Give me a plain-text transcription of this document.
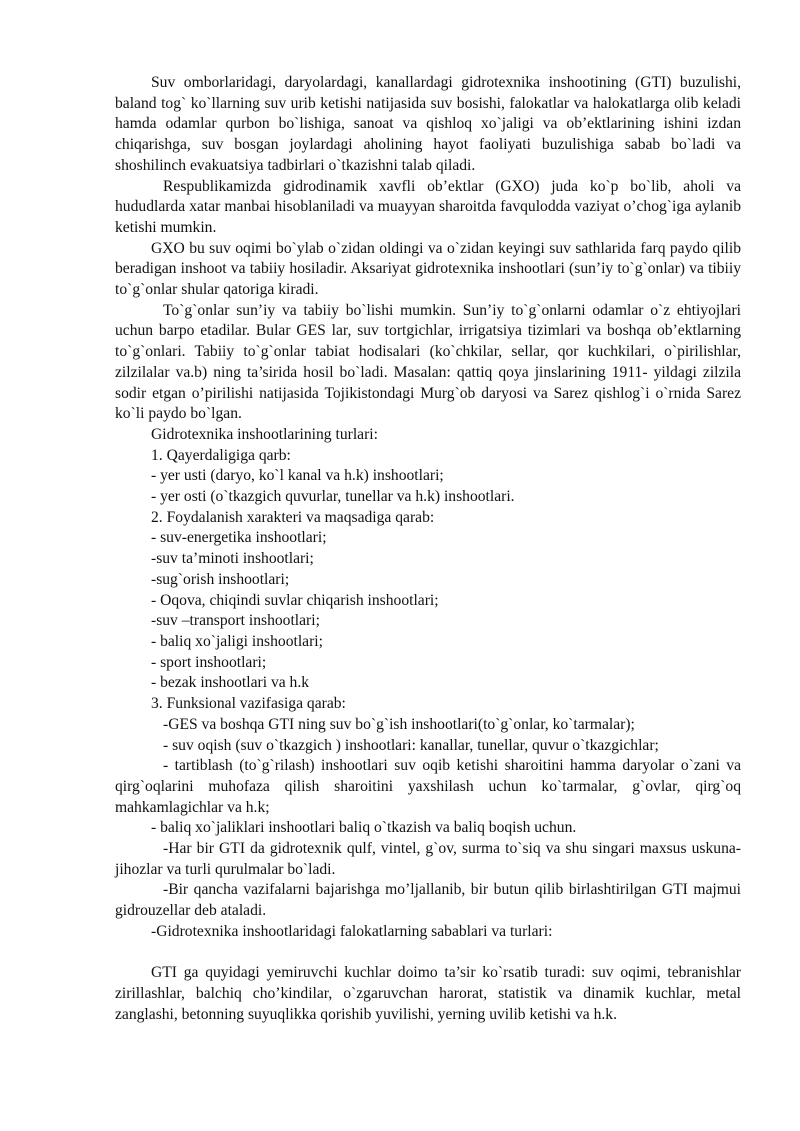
Suv omborlaridagi, daryolardagi, kanallardagi gidrotexnika inshootining (GTI) buzulishi, baland tog` ko`llarning suv urib ketishi natijasida suv bosishi, falokatlar va halokatlarga olib keladi hamda odamlar qurbon bo`lishiga, sanoat va qishloq xo`jaligi va ob’ektlarining ishini izdan chiqarishga, suv bosgan joylardagi aholining hayot faoliyati buzulishiga sabab bo`ladi va shoshilinch evakuatsiya tadbirlari o`tkazishni talab qiladi.

Respublikamizda gidrodinamik xavfli ob’ektlar (GXO) juda ko`p bo`lib, aholi va hududlarda xatar manbai hisoblaniladi va muayyan sharoitda favqulodda vaziyat o’chog`iga aylanib ketishi mumkin.

GXO bu suv oqimi bo`ylab o`zidan oldingi va o`zidan keyingi suv sathlarida farq paydo qilib beradigan inshoot va tabiiy hosiladir. Aksariyat gidrotexnika inshootlari (sun’iy to`g`onlar) va tibiiy to`g`onlar shular qatoriga kiradi.

To`g`onlar sun’iy va tabiiy bo`lishi mumkin. Sun’iy to`g`onlarni odamlar o`z ehtiyojlari uchun barpo etadilar. Bular GES lar, suv tortgichlar, irrigatsiya tizimlari va boshqa ob’ektlarning to`g`onlari. Tabiiy to`g`onlar tabiat hodisalari (ko`chkilar, sellar, qor kuchkilari, o`pirilishlar, zilzilalar va.b) ning ta’sirida hosil bo`ladi. Masalan: qattiq qoya jinslarining 1911- yildagi zilzila sodir etgan o’pirilishi natijasida Tojikistondagi Murg`ob daryosi va Sarez qishlog`i o`rnida Sarez ko`li paydo bo`lgan.

Gidrotexnika inshootlarining turlari:

1. Qayerdaligiga qarb:

- yer usti (daryo, ko`l kanal va h.k) inshootlari;

- yer osti (o`tkazgich quvurlar, tunellar va h.k) inshootlari.

2. Foydalanish xarakteri va maqsadiga qarab:

- suv-energetika inshootlari;

-suv ta’minoti inshootlari;

-sug`orish inshootlari;

- Oqova, chiqindi suvlar chiqarish inshootlari;

-suv –transport inshootlari;

- baliq xo`jaligi inshootlari;

- sport inshootlari;

- bezak inshootlari va h.k

3. Funksional vazifasiga qarab:

-GES va boshqa GTI ning suv bo`g`ish inshootlari(to`g`onlar, ko`tarmalar);

- suv oqish (suv o`tkazgich ) inshootlari: kanallar, tunellar, quvur o`tkazgichlar;

- tartiblash (to`g`rilash) inshootlari suv oqib ketishi sharoitini hamma daryolar o`zani va qirg`oqlarini muhofaza qilish sharoitini yaxshilash uchun ko`tarmalar, g`ovlar, qirg`oq mahkamlagichlar va h.k;

- baliq xo`jaliklari inshootlari baliq o`tkazish va baliq boqish uchun.

-Har bir GTI da gidrotexnik qulf, vintel, g`ov, surma to`siq va shu singari maxsus uskuna-jihozlar va turli qurulmalar bo`ladi.

-Bir qancha vazifalarni bajarishga mo’ljallanib, bir butun qilib birlashtirilgan GTI majmui gidrouzellar deb ataladi.

-Gidrotexnika inshootlaridagi falokatlarning sabablari va turlari:

GTI ga quyidagi yemiruvchi kuchlar doimo ta’sir ko`rsatib turadi: suv oqimi, tebranishlar zirillashlar, balchiq cho’kindilar, o`zgaruvchan harorat, statistik va dinamik kuchlar, metal zanglashi, betonning suyuqlikka qorishib yuvilishi, yerning uvilib ketishi va h.k.
